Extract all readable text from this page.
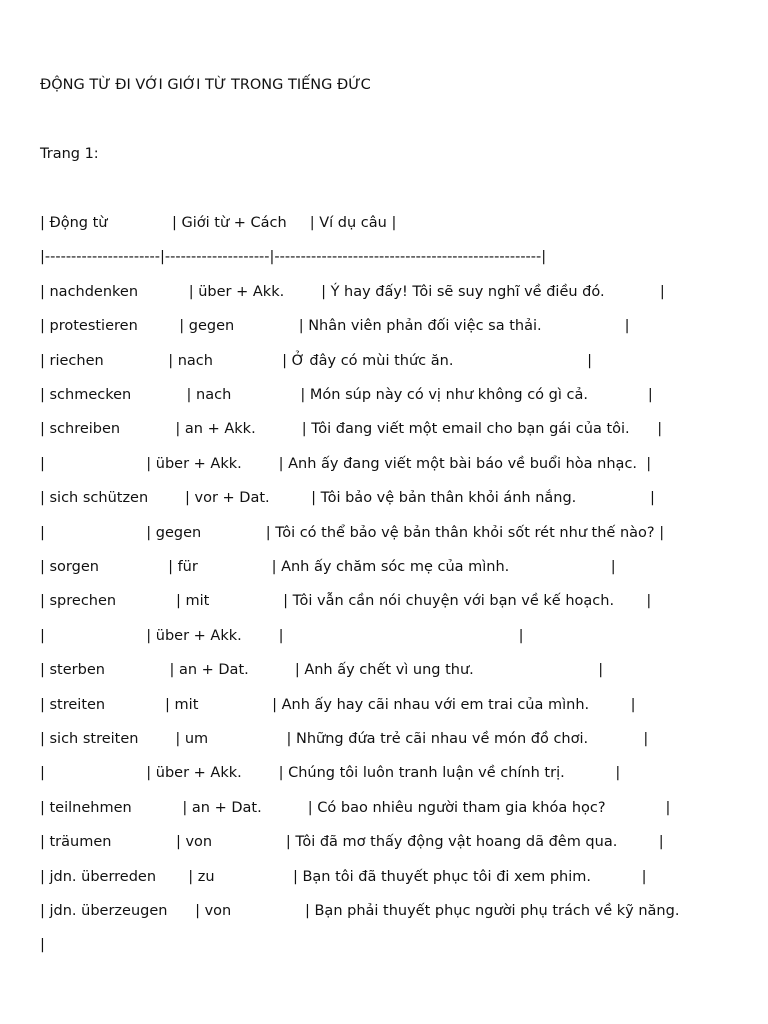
ĐỘNG TỪ ĐI VỚI GIỚI TỪ TRONG TIẾNG ĐỨC
Trang 1:
| Động từ              | Giới từ + Cách     | Ví dụ câu |
|----------------------|--------------------|---------------------------------------------------|
| nachdenken           | über + Akk.        | Ý hay đấy! Tôi sẽ suy nghĩ về điều đó.            |
| protestieren         | gegen              | Nhân viên phản đối việc sa thải.                  |
| riechen              | nach               | Ở đây có mùi thức ăn.                             |
| schmecken            | nach               | Món súp này có vị như không có gì cả.             |
| schreiben            | an + Akk.          | Tôi đang viết một email cho bạn gái của tôi.      |
|                      | über + Akk.        | Anh ấy đang viết một bài báo về buổi hòa nhạc.  |
| sich schützen        | vor + Dat.         | Tôi bảo vệ bản thân khỏi ánh nắng.                |
|                      | gegen              | Tôi có thể bảo vệ bản thân khỏi sốt rét như thế nào? |
| sorgen               | für                | Anh ấy chăm sóc mẹ của mình.                      |
| sprechen             | mit                | Tôi vẫn cần nói chuyện với bạn về kế hoạch.       |
|                      | über + Akk.        |                                                   |
| sterben              | an + Dat.          | Anh ấy chết vì ung thư.                           |
| streiten             | mit                | Anh ấy hay cãi nhau với em trai của mình.         |
| sich streiten        | um                 | Những đứa trẻ cãi nhau về món đồ chơi.            |
|                      | über + Akk.        | Chúng tôi luôn tranh luận về chính trị.           |
| teilnehmen           | an + Dat.          | Có bao nhiêu người tham gia khóa học?             |
| träumen              | von                | Tôi đã mơ thấy động vật hoang dã đêm qua.         |
| jdn. überreden       | zu                 | Bạn tôi đã thuyết phục tôi đi xem phim.           |
| jdn. überzeugen      | von                | Bạn phải thuyết phục người phụ trách về kỹ năng.
|
